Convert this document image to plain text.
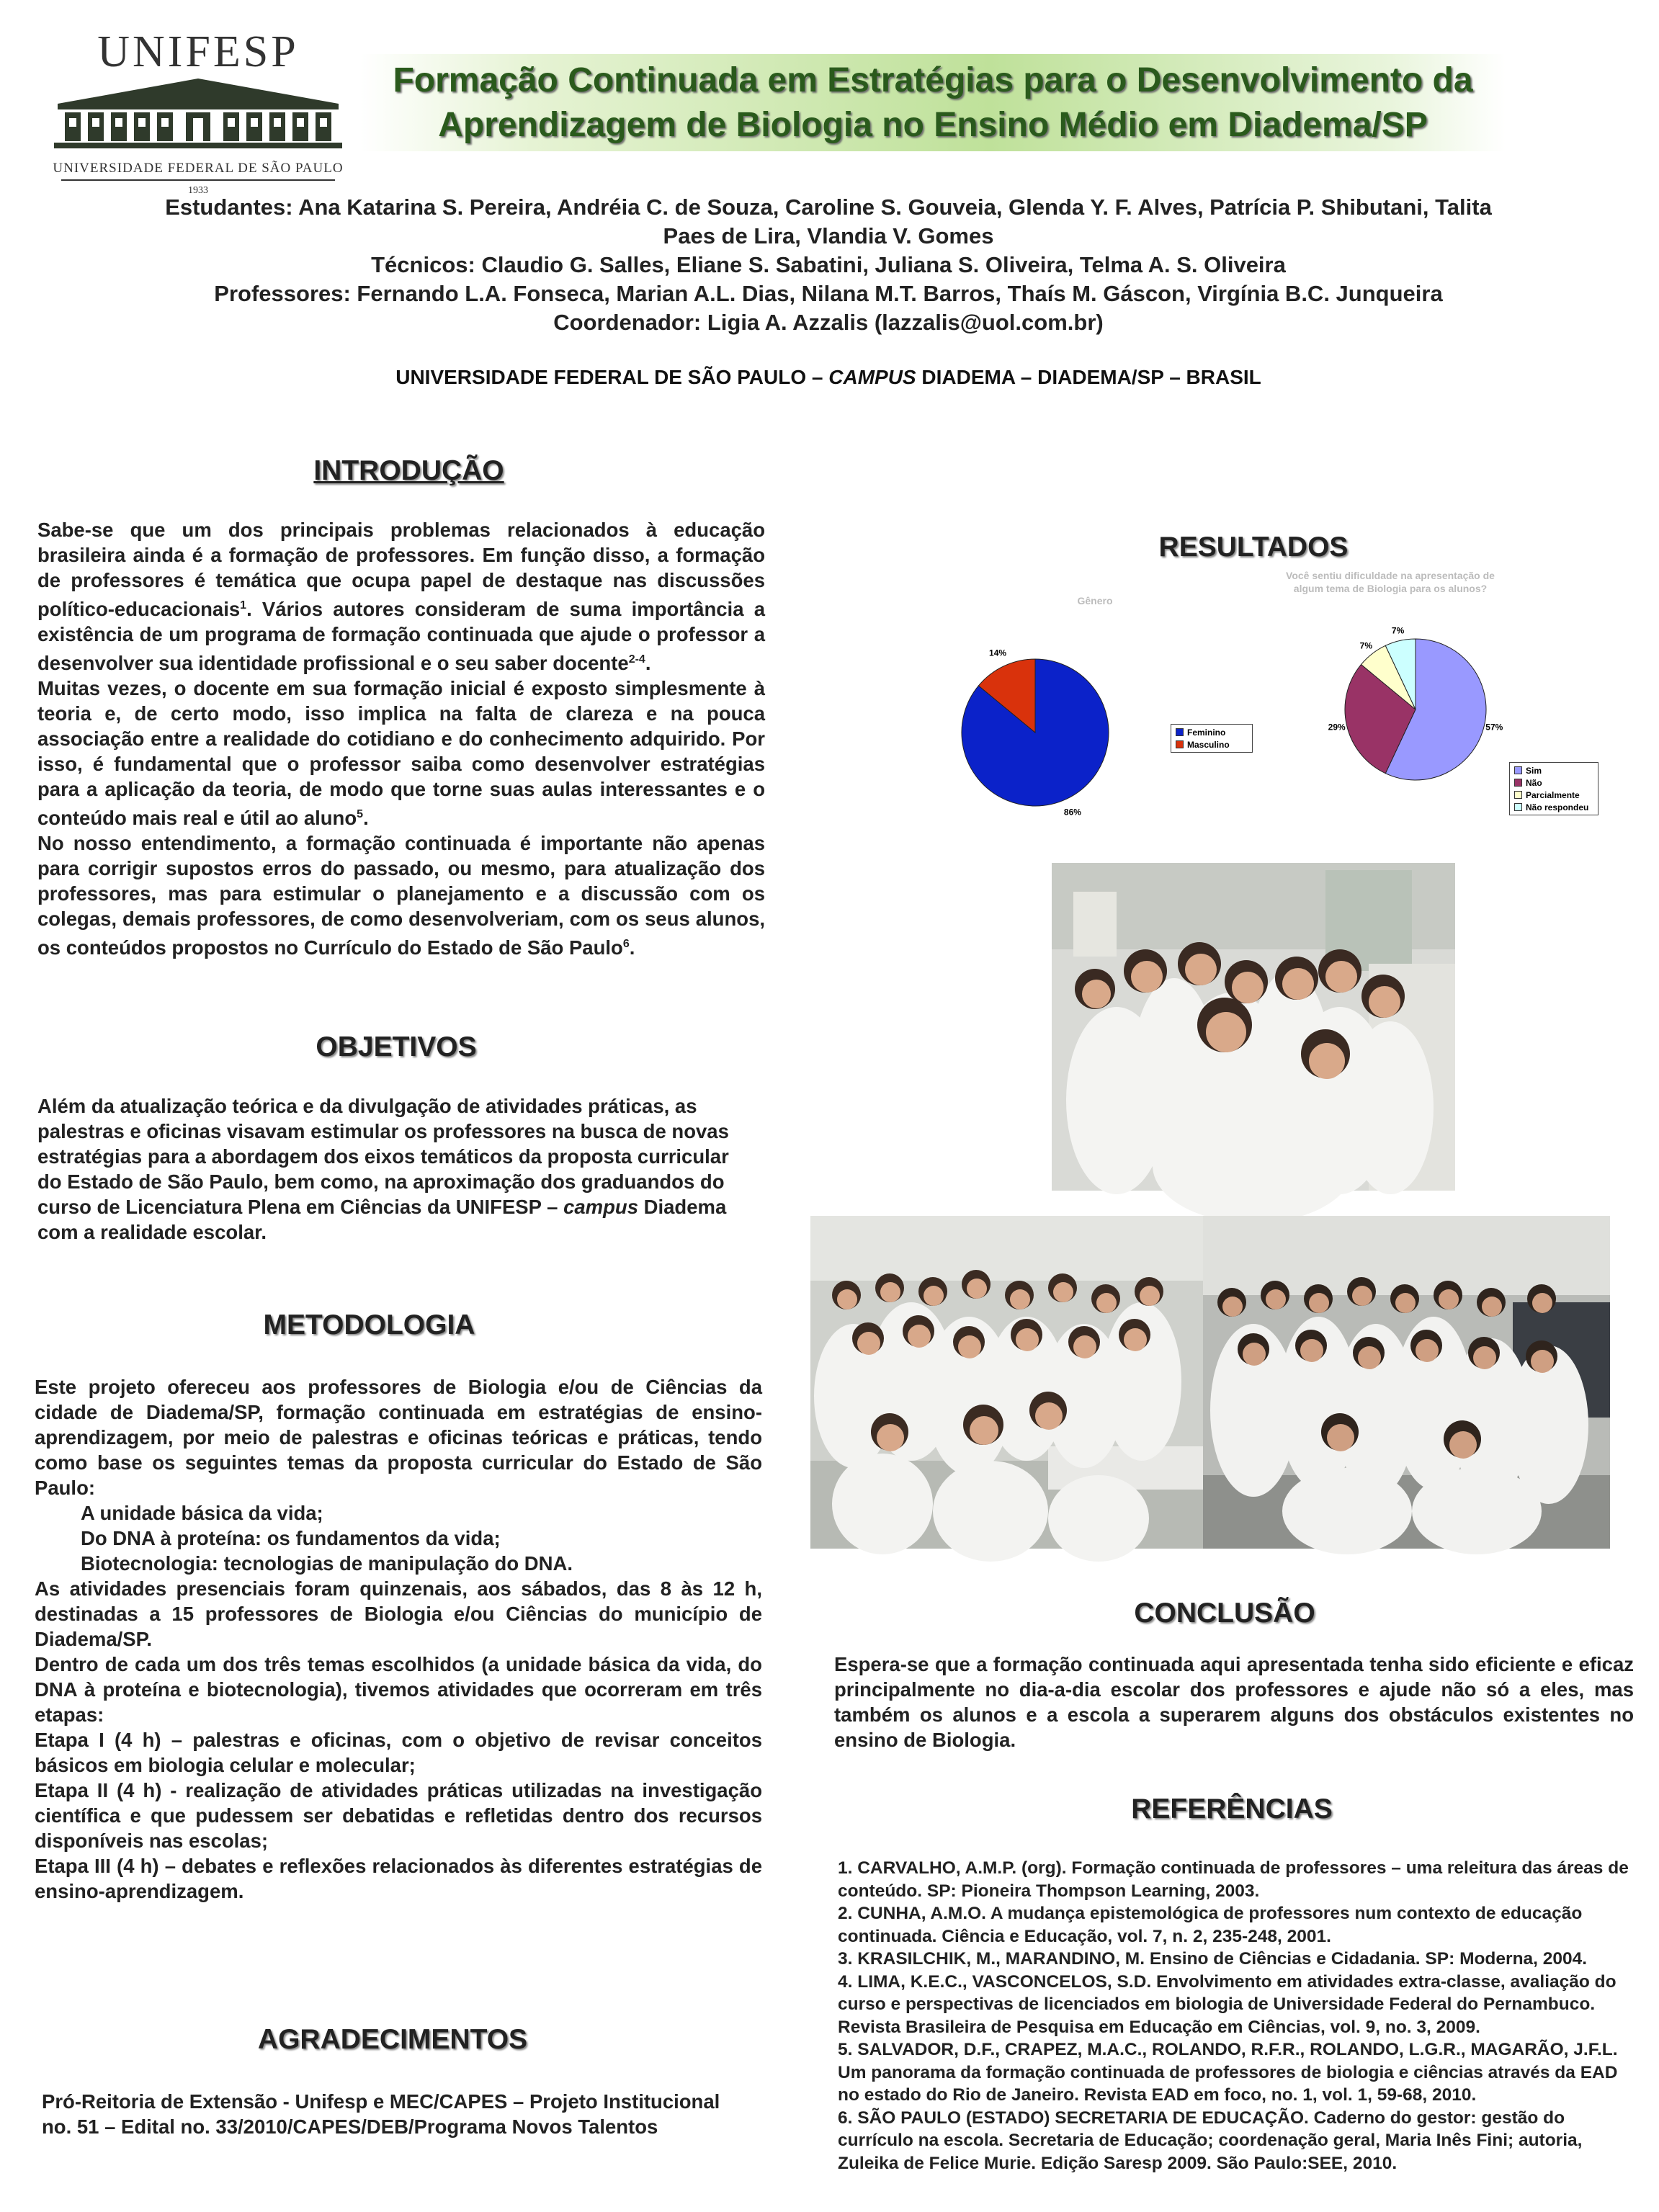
UNIFESP
UNIVERSIDADE FEDERAL DE SÃO PAULO
1933
Formação Continuada em Estratégias para o Desenvolvimento da
Aprendizagem de Biologia no Ensino Médio em Diadema/SP
Estudantes: Ana Katarina S. Pereira, Andréia C. de Souza, Caroline S. Gouveia, Glenda Y. F. Alves, Patrícia P. Shibutani, Talita
Paes de Lira, Vlandia V. Gomes
Técnicos: Claudio G. Salles, Eliane S. Sabatini, Juliana S. Oliveira, Telma A. S. Oliveira
Professores: Fernando L.A. Fonseca, Marian A.L. Dias, Nilana M.T. Barros, Thaís M. Gáscon, Virgínia B.C. Junqueira
Coordenador: Ligia A. Azzalis (lazzalis@uol.com.br)
UNIVERSIDADE FEDERAL DE SÃO PAULO – CAMPUS DIADEMA – DIADEMA/SP – BRASIL
INTRODUÇÃO

Sabe-se que um dos principais problemas relacionados à educação brasileira ainda é a formação de professores. Em função disso, a formação de professores é temática que ocupa papel de destaque nas discussões político-educacionais$^1$. Vários autores consideram de suma importância a existência de um programa de formação continuada que ajude o professor a desenvolver sua identidade profissional e o seu saber docente$^{2-4}$.

Muitas vezes, o docente em sua formação inicial é exposto simplesmente à teoria e, de certo modo, isso implica na falta de clareza e na pouca associação entre a realidade do cotidiano e do conhecimento adquirido. Por isso, é fundamental que o professor saiba como desenvolver estratégias para a aplicação da teoria, de modo que torne suas aulas interessantes e o conteúdo mais real e útil ao aluno$^5$.

No nosso entendimento, a formação continuada é importante não apenas para corrigir supostos erros do passado, ou mesmo, para atualização dos professores, mas para estimular o planejamento e a discussão com os colegas, demais professores, de como desenvolveriam, com os seus alunos, os conteúdos propostos no Currículo do Estado de São Paulo$^6$.

OBJETIVOS
Além da atualização teórica e da divulgação de atividades práticas, as palestras e oficinas visavam estimular os professores na busca de novas estratégias para a abordagem dos eixos temáticos da proposta curricular do Estado de São Paulo, bem como, na aproximação dos graduandos do curso de Licenciatura Plena em Ciências da UNIFESP – campus Diadema com a realidade escolar.
METODOLOGIA

Este projeto ofereceu aos professores de Biologia e/ou de Ciências da cidade de Diadema/SP, formação continuada em estratégias de ensino-aprendizagem, por meio de palestras e oficinas teóricas e práticas, tendo como base os seguintes temas da proposta curricular do Estado de São Paulo:

A unidade básica da vida;

Do DNA à proteína: os fundamentos da vida;

Biotecnologia: tecnologias de manipulação do DNA.

As atividades presenciais foram quinzenais, aos sábados, das 8 às 12 h, destinadas a 15 professores de Biologia e/ou Ciências do município de Diadema/SP.

Dentro de cada um dos três temas escolhidos (a unidade básica da vida, do DNA à proteína e biotecnologia), tivemos atividades que ocorreram em três etapas:

Etapa I (4 h) – palestras e oficinas, com o objetivo de revisar conceitos básicos em biologia celular e molecular;

Etapa II (4 h) - realização de atividades práticas utilizadas na investigação científica e que pudessem ser debatidas e refletidas dentro dos recursos disponíveis nas escolas;

Etapa III (4 h) – debates e reflexões relacionados às diferentes estratégias de ensino-aprendizagem.

AGRADECIMENTOS
Pró-Reitoria de Extensão - Unifesp e MEC/CAPES – Projeto Institucional
no. 51 – Edital no. 33/2010/CAPES/DEB/Programa Novos Talentos
RESULTADOS
Gênero
86%
14%
Feminino
Masculino
Você sentiu dificuldade na apresentação de algum tema de Biologia para os alunos?
57%
29%
7%
7%
Sim
Não
Parcialmente
Não respondeu
CONCLUSÃO
Espera-se que a formação continuada aqui apresentada tenha sido eficiente e eficaz principalmente no dia-a-dia escolar dos professores e ajude não só a eles, mas também os alunos e a escola a superarem alguns dos obstáculos existentes no ensino de Biologia.
REFERÊNCIAS

1. CARVALHO, A.M.P. (org). Formação continuada de professores – uma releitura das áreas de conteúdo. SP: Pioneira Thompson Learning, 2003.

2. CUNHA, A.M.O. A mudança epistemológica de professores num contexto de educação continuada. Ciência e Educação, vol. 7, n. 2, 235-248, 2001.

3. KRASILCHIK, M., MARANDINO, M. Ensino de Ciências e Cidadania. SP: Moderna, 2004.

4. LIMA, K.E.C., VASCONCELOS, S.D. Envolvimento em atividades extra-classe, avaliação do curso e perspectivas de licenciados em biologia de Universidade Federal do Pernambuco. Revista Brasileira de Pesquisa em Educação em Ciências, vol. 9, no. 3, 2009.

5. SALVADOR, D.F., CRAPEZ, M.A.C., ROLANDO, R.F.R., ROLANDO, L.G.R., MAGARÃO, J.F.L. Um panorama da formação continuada de professores de biologia e ciências através da EAD no estado do Rio de Janeiro. Revista EAD em foco, no. 1, vol. 1, 59-68, 2010.

6. SÃO PAULO (ESTADO) SECRETARIA DE EDUCAÇÃO. Caderno do gestor: gestão do currículo na escola. Secretaria de Educação; coordenação geral, Maria Inês Fini; autoria, Zuleika de Felice Murie. Edição Saresp 2009. São Paulo:SEE, 2010.
